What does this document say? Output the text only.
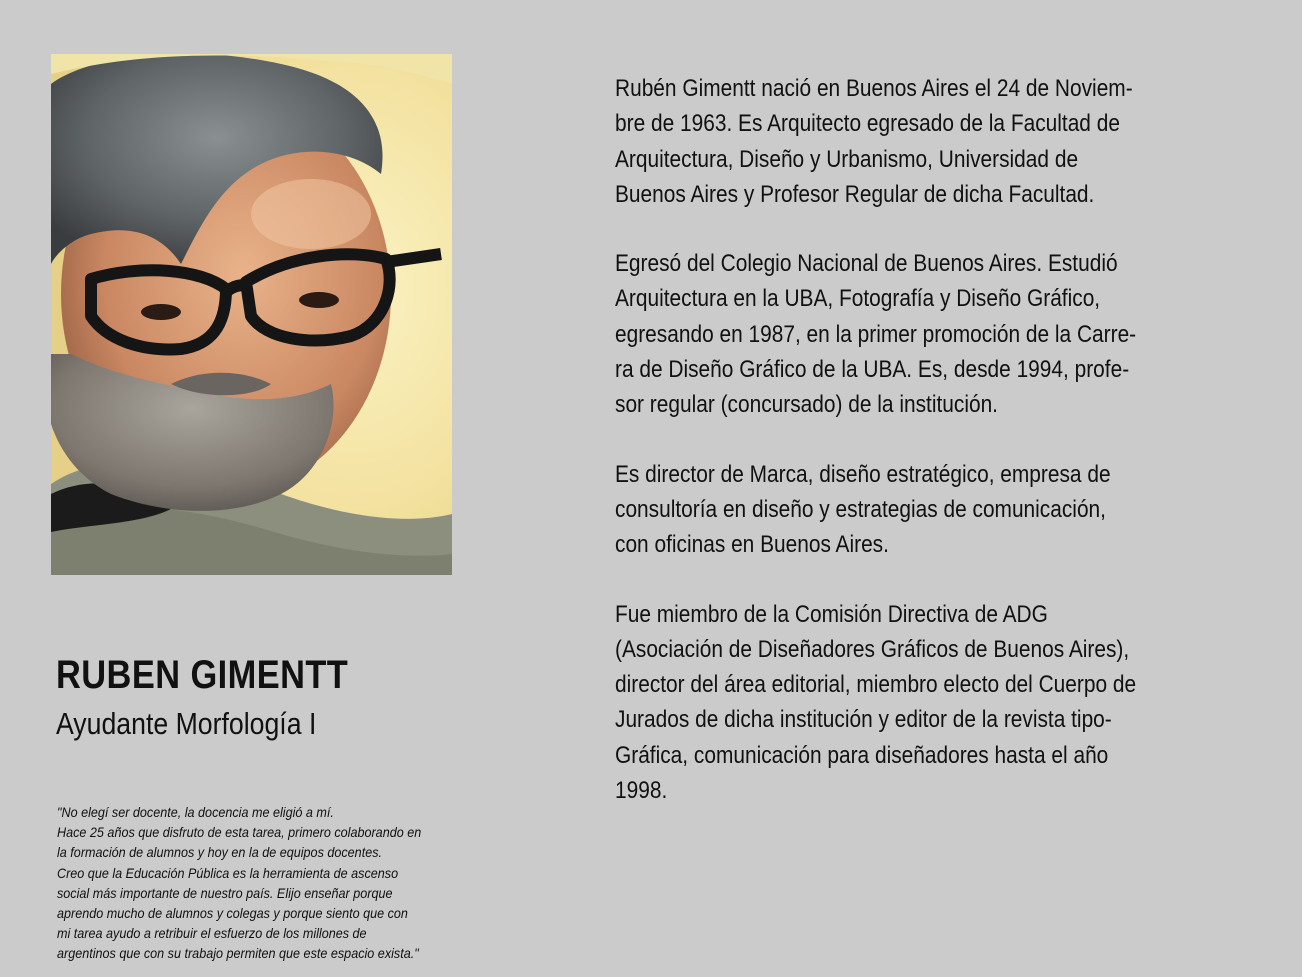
RUBEN GIMENTT
Ayudante Morfología I
"No elegí ser docente, la docencia me eligió a mí.
Hace 25 años que disfruto de esta tarea, primero colaborando en
la formación de alumnos y hoy en la de equipos docentes.
Creo que la Educación Pública es la herramienta de ascenso
social más importante de nuestro país. Elijo enseñar porque
aprendo mucho de alumnos y colegas y porque siento que con
mi tarea ayudo a retribuir el esfuerzo de los millones de
argentinos que con su trabajo permiten que este espacio exista."

Rubén Gimentt nació en Buenos Aires el 24 de Noviem-
bre de 1963. Es Arquitecto egresado de la Facultad de
Arquitectura, Diseño y Urbanismo, Universidad de
Buenos Aires y Profesor Regular de dicha Facultad.

Egresó del Colegio Nacional de Buenos Aires. Estudió
Arquitectura en la UBA, Fotografía y Diseño Gráfico,
egresando en 1987, en la primer promoción de la Carre-
ra de Diseño Gráfico de la UBA. Es, desde 1994, profe-
sor regular (concursado) de la institución.

Es director de Marca, diseño estratégico, empresa de
consultoría en diseño y estrategias de comunicación,
con oficinas en Buenos Aires.

Fue miembro de la Comisión Directiva de ADG
(Asociación de Diseñadores Gráficos de Buenos Aires),
director del área editorial, miembro electo del Cuerpo de
Jurados de dicha institución y editor de la revista tipo-
Gráfica, comunicación para diseñadores hasta el año
1998.
